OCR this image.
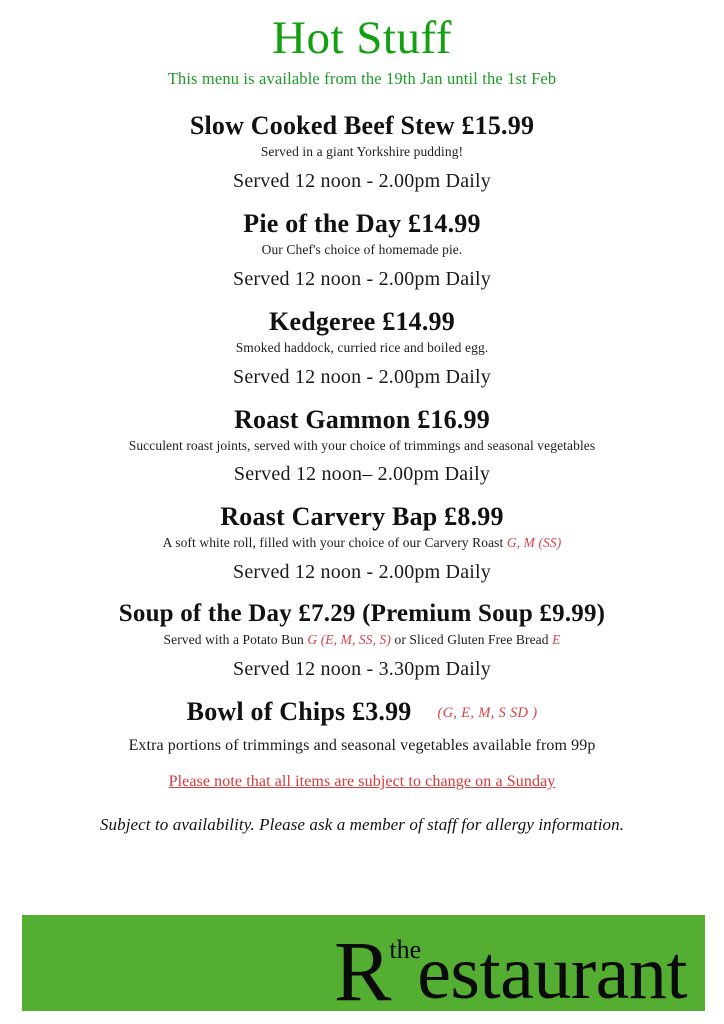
Hot Stuff

This menu is available from the 19th Jan until the 1st Feb

Slow Cooked Beef Stew £15.99

Served in a giant Yorkshire pudding!

Served 12 noon - 2.00pm Daily

Pie of the Day £14.99

Our Chef's choice of homemade pie.

Served 12 noon - 2.00pm Daily

Kedgeree £14.99

Smoked haddock, curried rice and boiled egg.

Served 12 noon - 2.00pm Daily

Roast Gammon £16.99

Succulent roast joints, served with your choice of trimmings and seasonal vegetables

Served 12 noon– 2.00pm Daily

Roast Carvery Bap £8.99

A soft white roll, filled with your choice of our Carvery Roast G, M (SS)

Served 12 noon - 2.00pm Daily

Soup of the Day £7.29 (Premium Soup £9.99)

Served with a Potato Bun G (E, M, SS, S) or Sliced Gluten Free Bread E

Served 12 noon - 3.30pm Daily

Bowl of Chips £3.99 (G, E, M, S SD )

Extra portions of trimmings and seasonal vegetables available from 99p

Please note that all items are subject to change on a Sunday

Subject to availability. Please ask a member of staff for allergy information.

R
the
estaurant
